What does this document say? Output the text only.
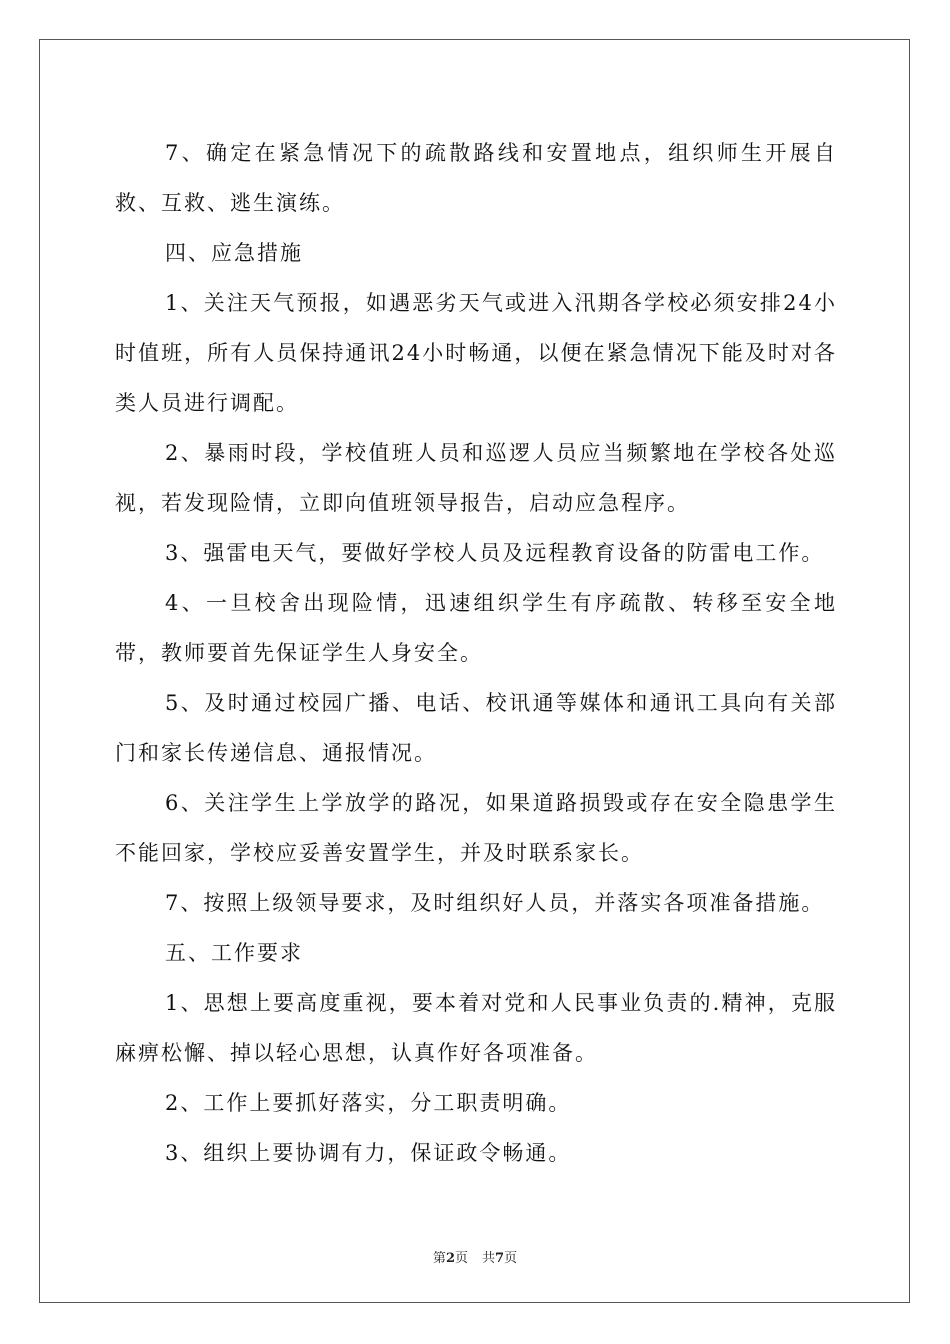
7、确定在紧急情况下的疏散路线和安置地点，组织师生开展自救、互救、逃生演练。

四、应急措施

1、关注天气预报，如遇恶劣天气或进入汛期各学校必须安排24小时值班，所有人员保持通讯24小时畅通，以便在紧急情况下能及时对各类人员进行调配。

2、暴雨时段，学校值班人员和巡逻人员应当频繁地在学校各处巡视，若发现险情，立即向值班领导报告，启动应急程序。

3、强雷电天气，要做好学校人员及远程教育设备的防雷电工作。

4、一旦校舍出现险情，迅速组织学生有序疏散、转移至安全地带，教师要首先保证学生人身安全。

5、及时通过校园广播、电话、校讯通等媒体和通讯工具向有关部门和家长传递信息、通报情况。

6、关注学生上学放学的路况，如果道路损毁或存在安全隐患学生不能回家，学校应妥善安置学生，并及时联系家长。

7、按照上级领导要求，及时组织好人员，并落实各项准备措施。

五、工作要求

1、思想上要高度重视，要本着对党和人民事业负责的.精神，克服麻痹松懈、掉以轻心思想，认真作好各项准备。

2、工作上要抓好落实，分工职责明确。

3、组织上要协调有力，保证政令畅通。

第2页 共7页
